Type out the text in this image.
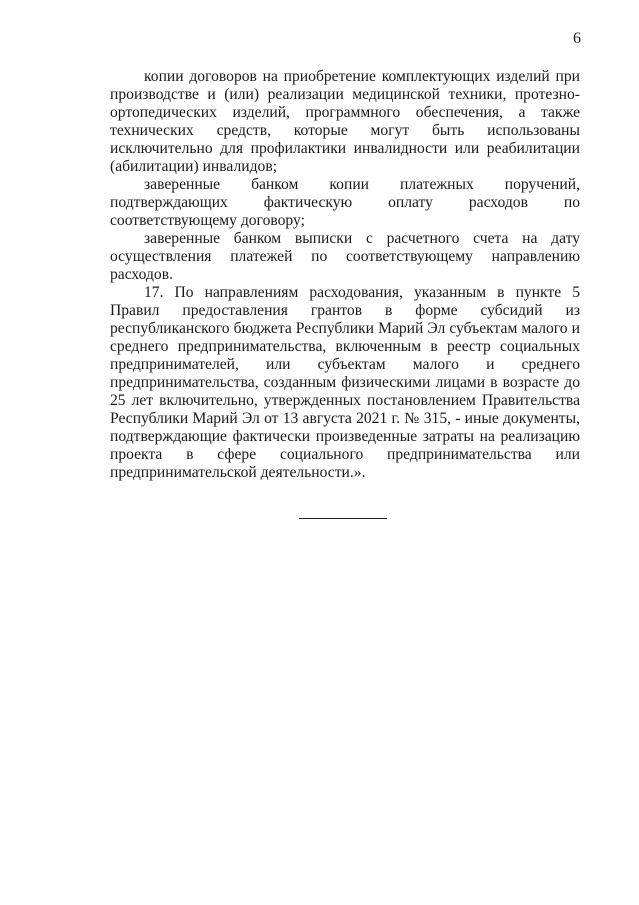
6

копии договоров на приобретение комплектующих изделий при производстве и (или) реализации медицинской техники, протезно-ортопедических изделий, программного обеспечения, а также технических средств, которые могут быть использованы исключительно для профилактики инвалидности или реабилитации (абилитации) инвалидов;

заверенные банком копии платежных поручений, подтверждающих фактическую оплату расходов по соответствующему договору;

заверенные банком выписки с расчетного счета на дату осуществления платежей по соответствующему направлению расходов.

17. По направлениям расходования, указанным в пункте 5 Правил предоставления грантов в форме субсидий из республиканского бюджета Республики Марий Эл субъектам малого и среднего предпринимательства, включенным в реестр социальных предпринимателей, или субъектам малого и среднего предпринимательства, созданным физическими лицами в возрасте до 25 лет включительно, утвержденных постановлением Правительства Республики Марий Эл от 13 августа 2021 г. № 315, - иные документы, подтверждающие фактически произведенные затраты на реализацию проекта в сфере социального предпринимательства или предпринимательской деятельности.».
